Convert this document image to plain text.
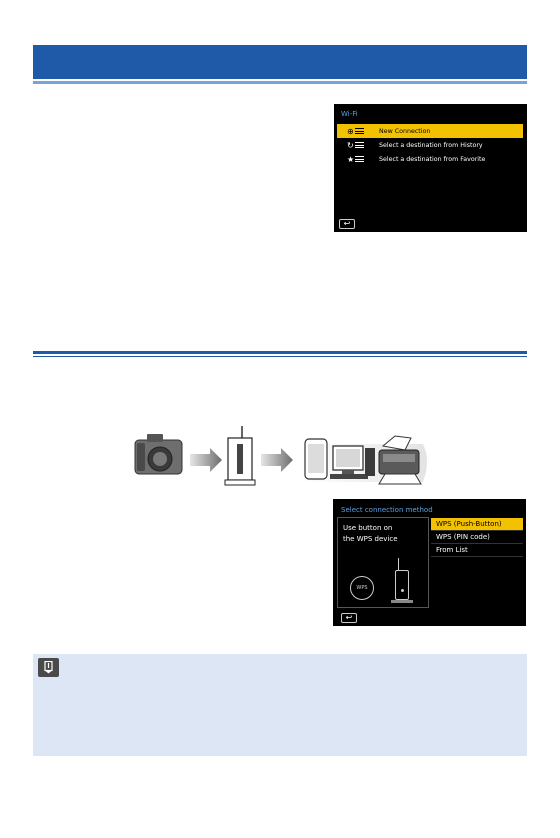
Wi-Fi
⊕	New Connection
↻	Select a destination from History
★	Select a destination from Favorite
↩
Select connection method
Use button on
the WPS device
WPS
WPS (Push-Button)
WPS (PIN code)
From List
↩
